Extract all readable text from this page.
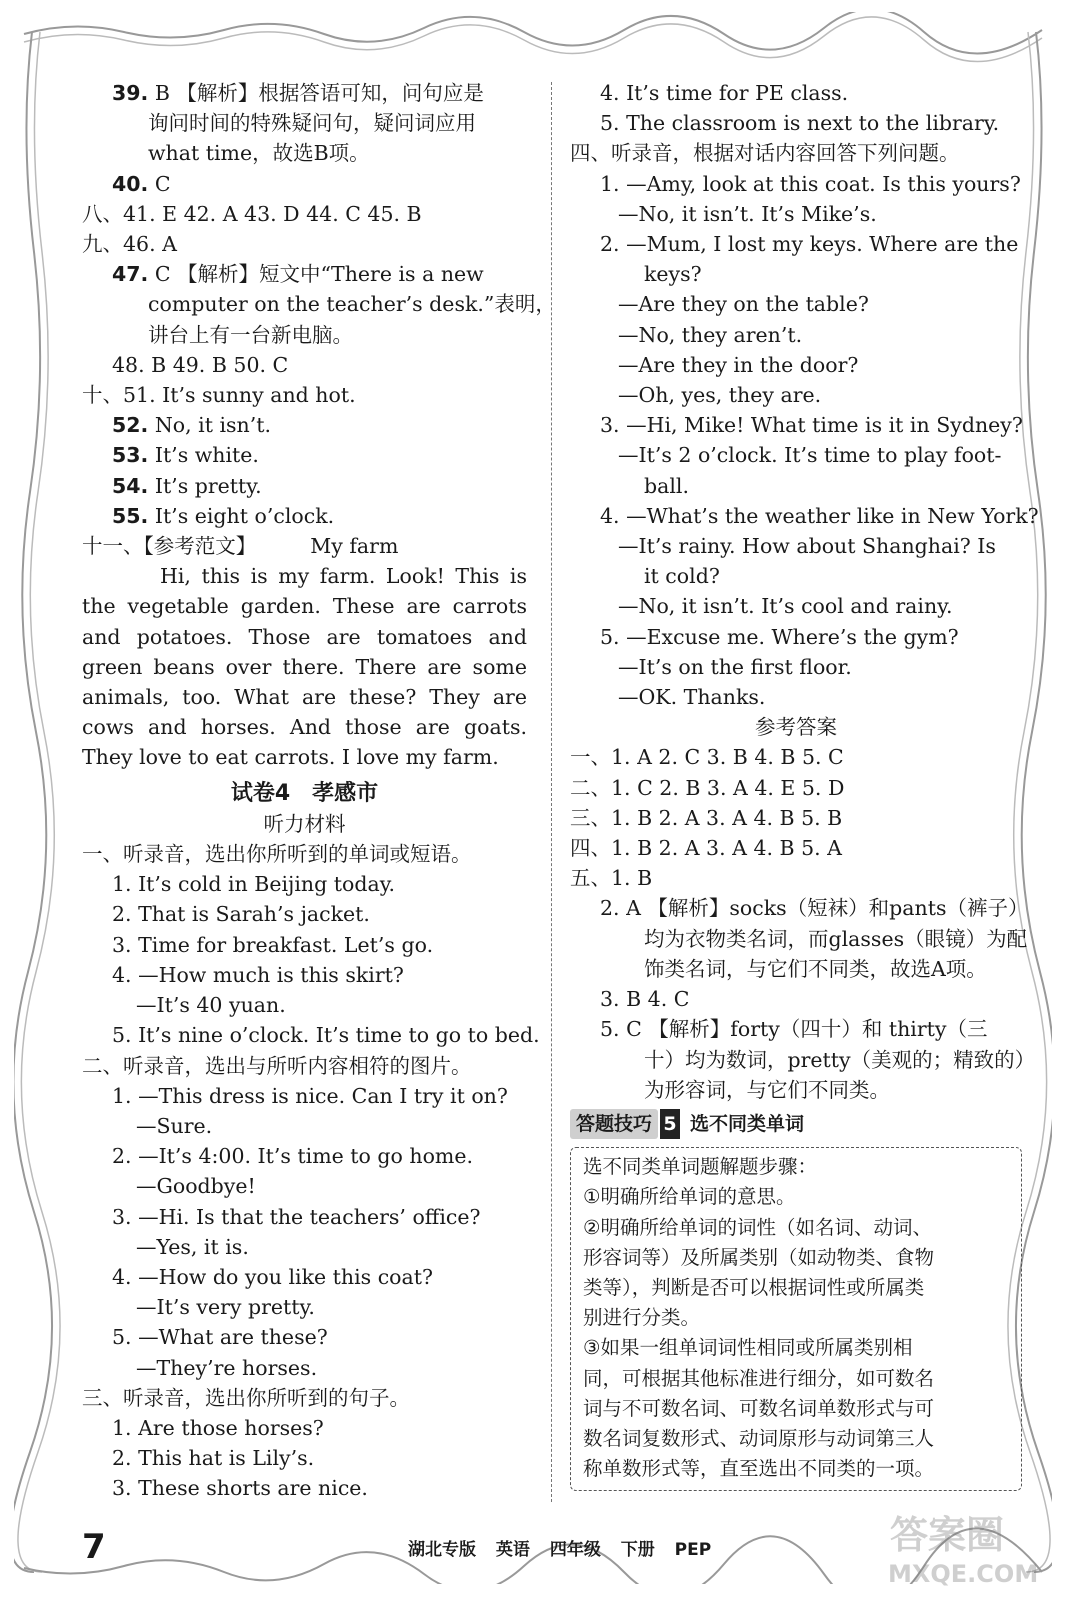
39. B 【解析】根据答语可知，问句应是
询问时间的特殊疑问句，疑问词应用
what time，故选B项。
40. C
八、41. E 42. A 43. D 44. C 45. B
九、46. A
47. C 【解析】短文中“There is a new
computer on the teacher’s desk.”表明，
讲台上有一台新电脑。
48. B 49. B 50. C
十、51. It’s sunny and hot.
52. No, it isn’t.
53. It’s white.
54. It’s pretty.
55. It’s eight o’clock.
十一、【参考范文】	My farm
Hi, this is my farm. Look! This is
the vegetable garden. These are carrots
and potatoes. Those are tomatoes and
green beans over there. There are some
animals, too. What are these? They are
cows and horses. And those are goats.
They love to eat carrots. I love my farm.
试卷4　孝感市
听力材料
一、听录音，选出你所听到的单词或短语。
1. It’s cold in Beijing today.
2. That is Sarah’s jacket.
3. Time for breakfast. Let’s go.
4. —How much is this skirt?
—It’s 40 yuan.
5. It’s nine o’clock. It’s time to go to bed.
二、听录音，选出与所听内容相符的图片。
1. —This dress is nice. Can I try it on?
—Sure.
2. —It’s 4:00. It’s time to go home.
—Goodbye!
3. —Hi. Is that the teachers’ office?
—Yes, it is.
4. —How do you like this coat?
—It’s very pretty.
5. —What are these?
—They’re horses.
三、听录音，选出你所听到的句子。
1. Are those horses?
2. This hat is Lily’s.
3. These shorts are nice.
4. It’s time for PE class.
5. The classroom is next to the library.
四、听录音，根据对话内容回答下列问题。
1. —Amy, look at this coat. Is this yours?
—No, it isn’t. It’s Mike’s.
2. —Mum, I lost my keys. Where are the
keys?
—Are they on the table?
—No, they aren’t.
—Are they in the door?
—Oh, yes, they are.
3. —Hi, Mike! What time is it in Sydney?
—It’s 2 o’clock. It’s time to play foot-
ball.
4. —What’s the weather like in New York?
—It’s rainy. How about Shanghai? Is
it cold?
—No, it isn’t. It’s cool and rainy.
5. —Excuse me. Where’s the gym?
—It’s on the first floor.
—OK. Thanks.
参考答案
一、1. A 2. C 3. B 4. B 5. C
二、1. C 2. B 3. A 4. E 5. D
三、1. B 2. A 3. A 4. B 5. B
四、1. B 2. A 3. A 4. B 5. A
五、1. B
2. A 【解析】socks（短袜）和pants（裤子）
均为衣物类名词，而glasses（眼镜）为配
饰类名词，与它们不同类，故选A项。
3. B 4. C
5. C 【解析】forty（四十）和 thirty（三
十）均为数词，pretty（美观的；精致的）
为形容词，与它们不同类。
答题技巧 5 选不同类单词
选不同类单词题解题步骤：
①明确所给单词的意思。
②明确所给单词的词性（如名词、动词、
形容词等）及所属类别（如动物类、食物
类等），判断是否可以根据词性或所属类
别进行分类。
③如果一组单词词性相同或所属类别相
同，可根据其他标准进行细分，如可数名
词与不可数名词、可数名词单数形式与可
数名词复数形式、动词原形与动词第三人
称单数形式等，直至选出不同类的一项。
7	湖北专版 英语 四年级 下册 PEP	答案圈
MXQE.COM
